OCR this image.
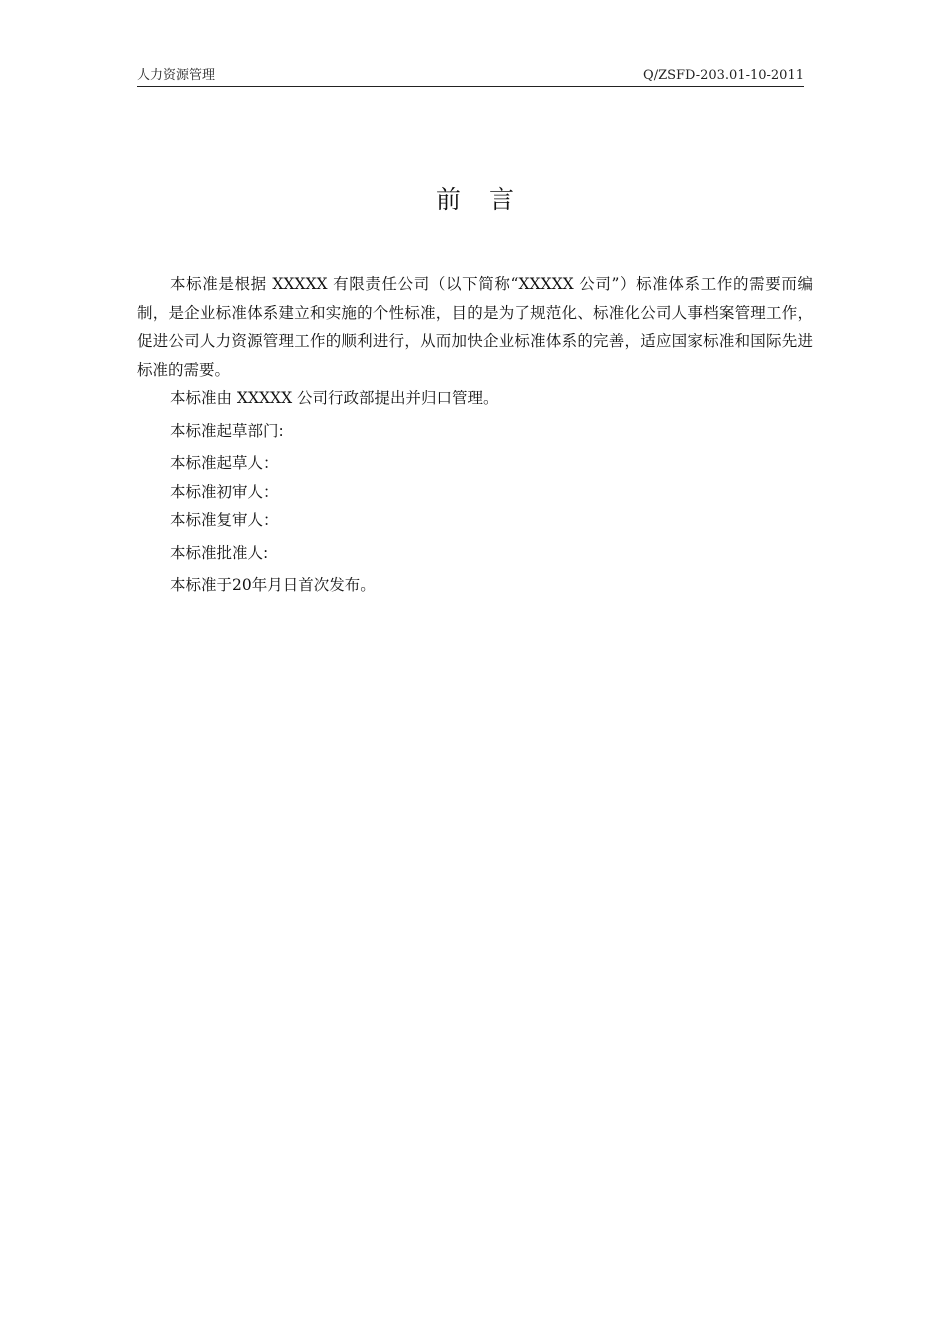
人力资源管理	Q/ZSFD-203.01-10-2011
前言

本标准是根据 XXXXX 有限责任公司（以下简称“XXXXX 公司”）标准体系工作的需要而编制，是企业标准体系建立和实施的个性标准，目的是为了规范化、标准化公司人事档案管理工作，促进公司人力资源管理工作的顺利进行，从而加快企业标准体系的完善，适应国家标准和国际先进标准的需要。

本标准由 XXXXX 公司行政部提出并归口管理。

本标准起草部门:

本标准起草人：

本标准初审人：

本标准复审人：

本标准批准人:

本标准于20年月日首次发布。
